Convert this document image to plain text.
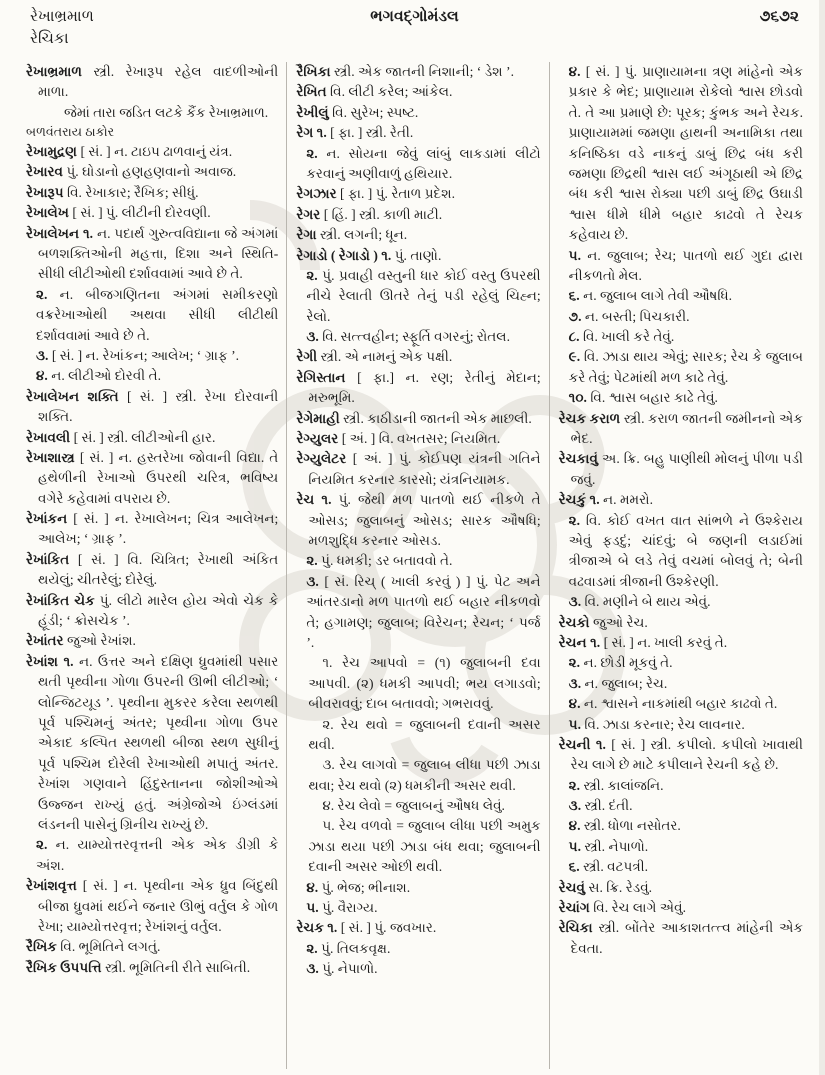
રેખાભ્રમાળ
રેચિકા
ભગવદ્ગોમંડલ	૭૬૭૨

રેખાભ્રમાળ સ્ત્રી. રેખારૂપ રહેલ વાદળીઓની માળા.

જેમાં તારા જડિત લટકે કૈંક રેખાભ્રમાળ.

બળવંતરાય ઠાકોર

રેખામુદ્રણ [ સં. ] ન. ટાઇપ ઢાળવાનું યંત્ર.

રેખારવ પું. ઘોડાનો હણહણવાનો અવાજ.

રેખારૂપ વિ. રેખાકાર; રૈખિક; સીધું.

રેખાલેખ [ સં. ] પું. લીટીની દોરવણી.

રેખાલેખન ૧. ન. પદાર્થ ગુરુત્વવિદ્યાના જે અંગમાં બળશક્તિઓની મહત્તા, દિશા અને સ્થિતિ-સીધી લીટીઓથી દર્શાવવામાં આવે છે તે.

૨. ન. બીજગણિતના અંગમાં સમીકરણો વક્રરેખાઓથી અથવા સીધી લીટીથી દર્શાવવામાં આવે છે તે.

૩. [ સં. ] ન. રેખાંકન; આલેખ; ‘ ગ્રાફ ’.

૪. ન. લીટીઓ દોરવી તે.

રેખાલેખન શક્તિ [ સં. ] સ્ત્રી. રેખા દોરવાની શક્તિ.

રેખાવલી [ સં. ] સ્ત્રી. લીટીઓની હાર.

રેખાશાસ્ત્ર [ સં. ] ન. હસ્તરેખા જોવાની વિદ્યા. તે હથેળીની રેખાઓ ઉપરથી ચરિત્ર, ભવિષ્ય વગેરે કહેવામાં વપરાય છે.

રેખાંકન [ સં. ] ન. રેખાલેખન; ચિત્ર આલેખન; આલેખ; ‘ ગ્રાફ ’.

રેખાંકિત [ સં. ] વિ. ચિત્રિત; રેખાથી અંકિત થયેલું; ચીતરેલું; દોરેલું.

રેખાંકિત ચેક પું. લીટો મારેલ હોય એવો ચેક કે હૂંડી; ‘ ક્રોસચેક ’.

રેખાંતર જુઓ રેખાંશ.

રેખાંશ ૧. ન. ઉત્તર અને દક્ષિણ ધ્રુવમાંથી પસાર થતી પૃથ્વીના ગોળા ઉપરની ઊભી લીટીઓ; ‘ લોન્જિટયૂડ ’. પૃથ્વીના મુકરર કરેલા સ્થળથી પૂર્વ પશ્ચિમનું અંતર; પૃથ્વીના ગોળા ઉપર એકાદ કલ્પિત સ્થળથી બીજા સ્થળ સુધીનું પૂર્વ પશ્ચિમ દોરેલી રેખાઓથી મપાતું અંતર. રેખાંશ ગણવાને હિંદુસ્તાનના જોશીઓએ ઉજ્જન રાખ્યું હતું. અંગ્રેજોએ ઇંગ્લંડમાં લંડનની પાસેનું ગ્રિનીચ રાખ્યું છે.

૨. ન. યામ્યોત્તરવૃત્તની એક એક ડીગ્રી કે અંશ.

રેખાંશવૃત્ત [ સં. ] ન. પૃથ્વીના એક ધ્રુવ બિંદુથી બીજા ધ્રુવમાં થઈને જનાર ઊભું વર્તુલ કે ગોળ રેખા; યામ્યોત્તરવૃત્ત; રેખાંશનું વર્તુલ.

રૈખિક વિ. ભૂમિતિને લગતું.

રૈખિક ઉપપત્તિ સ્ત્રી. ભૂમિતિની રીતે સાબિતી.

રૈખિકા સ્ત્રી. એક જાતની નિશાની; ‘ ડેશ ’.

રેખિત વિ. લીટી કરેલ; આંકેલ.

રેખીલું વિ. સુરેખ; સ્પષ્ટ.

રેગ ૧. [ ફા. ] સ્ત્રી. રેતી.

૨. ન. સોયના જેવું લાંબું લાકડામાં લીટો કરવાનું અણીવાળું હથિયાર.

રેગઝાર [ ફા. ] પું. રેતાળ પ્રદેશ.

રેગર [ હિં. ] સ્ત્રી. કાળી માટી.

રેગા સ્ત્રી. લગની; ધૂન.

રેગાડો ( રેગાડો ) ૧. પું. તાણો.

૨. પું. પ્રવાહી વસ્તુની ધાર કોઈ વસ્તુ ઉપરથી નીચે રેલાતી ઊતરે તેનું પડી રહેલું ચિહ્ન; રેલો.

૩. વિ. સત્ત્વહીન; સ્ફૂર્તિ વગરનું; રોતલ.

રેગી સ્ત્રી. એ નામનું એક પક્ષી.

રેગિસ્તાન [ ફા.] ન. રણ; રેતીનું મેદાન; મરુભૂમિ.

રેગેમાહી સ્ત્રી. કાઠીડાની જાતની એક માછલી.

રેગ્યુલર [ અં. ] વિ. વખતસર; નિયમિત.

રેગ્યુલેટર [ અં. ] પું. કોઈપણ યંત્રની ગતિને નિયમિત કરનાર કારસો; યંત્રનિયામક.

રેચ ૧. પું. જેથી મળ પાતળો થઈ નીકળે તે ઓસડ; જુલાબનું ઓસડ; સારક ઔષધિ; મળશુદ્ધિ કરનાર ઓસડ.

૨. પું. ધમકી; ડર બતાવવો તે.

૩. [ સં. રિચ્ ( ખાલી કરવું ) ] પું. પેટ અને આંતરડાનો મળ પાતળો થઈ બહાર નીકળવો તે; હગામણ; જુલાબ; વિરેચન; રેચન; ‘ પર્જ ’.

૧. રેચ આપવો = (૧) જુલાબની દવા આપવી. (૨) ધમકી આપવી; ભય લગાડવો; બીવરાવવું; દાબ બતાવવો; ગભરાવવું.

૨. રેચ થવો = જુલાબની દવાની અસર થવી.

૩. રેચ લાગવો = જુલાબ લીધા પછી ઝાડા થવા; રેચ થવો (૨) ધમકીની અસર થવી.

૪. રેચ લેવો = જુલાબનું ઔષધ લેવું.

૫. રેચ વળવો = જુલાબ લીધા પછી અમુક ઝાડા થયા પછી ઝાડા બંધ થવા; જુલાબની દવાની અસર ઓછી થવી.

૪. પું. ભેજ; ભીનાશ.

૫. પું. વૈરાગ્ય.

રેચક ૧. [ સં. ] પું. જવખાર.

૨. પું. તિલકવૃક્ષ.

૩. પું. નેપાળો.

૪. [ સં. ] પું. પ્રાણાયામના ત્રણ માંહેનો એક પ્રકાર કે ભેદ; પ્રાણાયામ રોકેલો શ્વાસ છોડવો તે. તે આ પ્રમાણે છે: પૂરક; કુંભક અને રેચક. પ્રાણાયામમાં જમણા હાથની અનામિકા તથા કનિષ્ઠિકા વડે નાકનું ડાબું છિદ્ર બંધ કરી જમણા છિદ્રથી શ્વાસ લઈ અંગૂઠાથી એ છિદ્ર બંધ કરી શ્વાસ રોક્યા પછી ડાબું છિદ્ર ઉઘાડી શ્વાસ ધીમે ધીમે બહાર કાઢવો તે રેચક કહેવાય છે.

૫. ન. જુલાબ; રેચ; પાતળો થઈ ગુદા દ્વારા નીકળતો મેલ.

૬. ન. જુલાબ લાગે તેવી ઔષધિ.

૭. ન. બસ્તી; પિચકારી.

૮. વિ. ખાલી કરે તેવું.

૯. વિ. ઝાડા થાય એવું; સારક; રેચ કે જુલાબ કરે તેવું; પેટમાંથી મળ કાઢે તેવું.

૧૦. વિ. શ્વાસ બહાર કાઢે તેવું.

રેચક કરાળ સ્ત્રી. કરાળ જાતની જમીનનો એક ભેદ.

રેચકાવું અ. ક્રિ. બહુ પાણીથી મોલનું પીળા પડી જવું.

રેચકું ૧. ન. મમરો.

૨. વિ. કોઈ વખત વાત સાંભળે ને ઉશ્કેરાય એવું ફડદું; ચાંદવું; બે જણની લડાઈમાં ત્રીજાએ બે લડે તેવું વચમાં બોલવું તે; બેની વઢવાડમાં ત્રીજાની ઉશ્કેરણી.

૩. વિ. મણીને બે થાય એવું.

રેચકો જુઓ રેચ.

રેચન ૧. [ સં. ] ન. ખાલી કરવું તે.

૨. ન. છોડી મૂકવું તે.

૩. ન. જુલાબ; રેચ.

૪. ન. શ્વાસને નાકમાંથી બહાર કાઢવો તે.

૫. વિ. ઝાડા કરનાર; રેચ લાવનાર.

રેચની ૧. [ સં. ] સ્ત્રી. કપીલો. કપીલો ખાવાથી રેચ લાગે છે માટે કપીલાને રેચની કહે છે.

૨. સ્ત્રી. કાલાંજનિ.

૩. સ્ત્રી. દંતી.

૪. સ્ત્રી. ધોળા નસોતર.

૫. સ્ત્રી. નેપાળો.

૬. સ્ત્રી. વટપત્રી.

રેચવું સ. ક્રિ. રેડવું.

રેચાંગ વિ. રેચ લાગે એવું.

રેચિકા સ્ત્રી. બોંતેર આકાશતત્ત્વ માંહેની એક દેવતા.
